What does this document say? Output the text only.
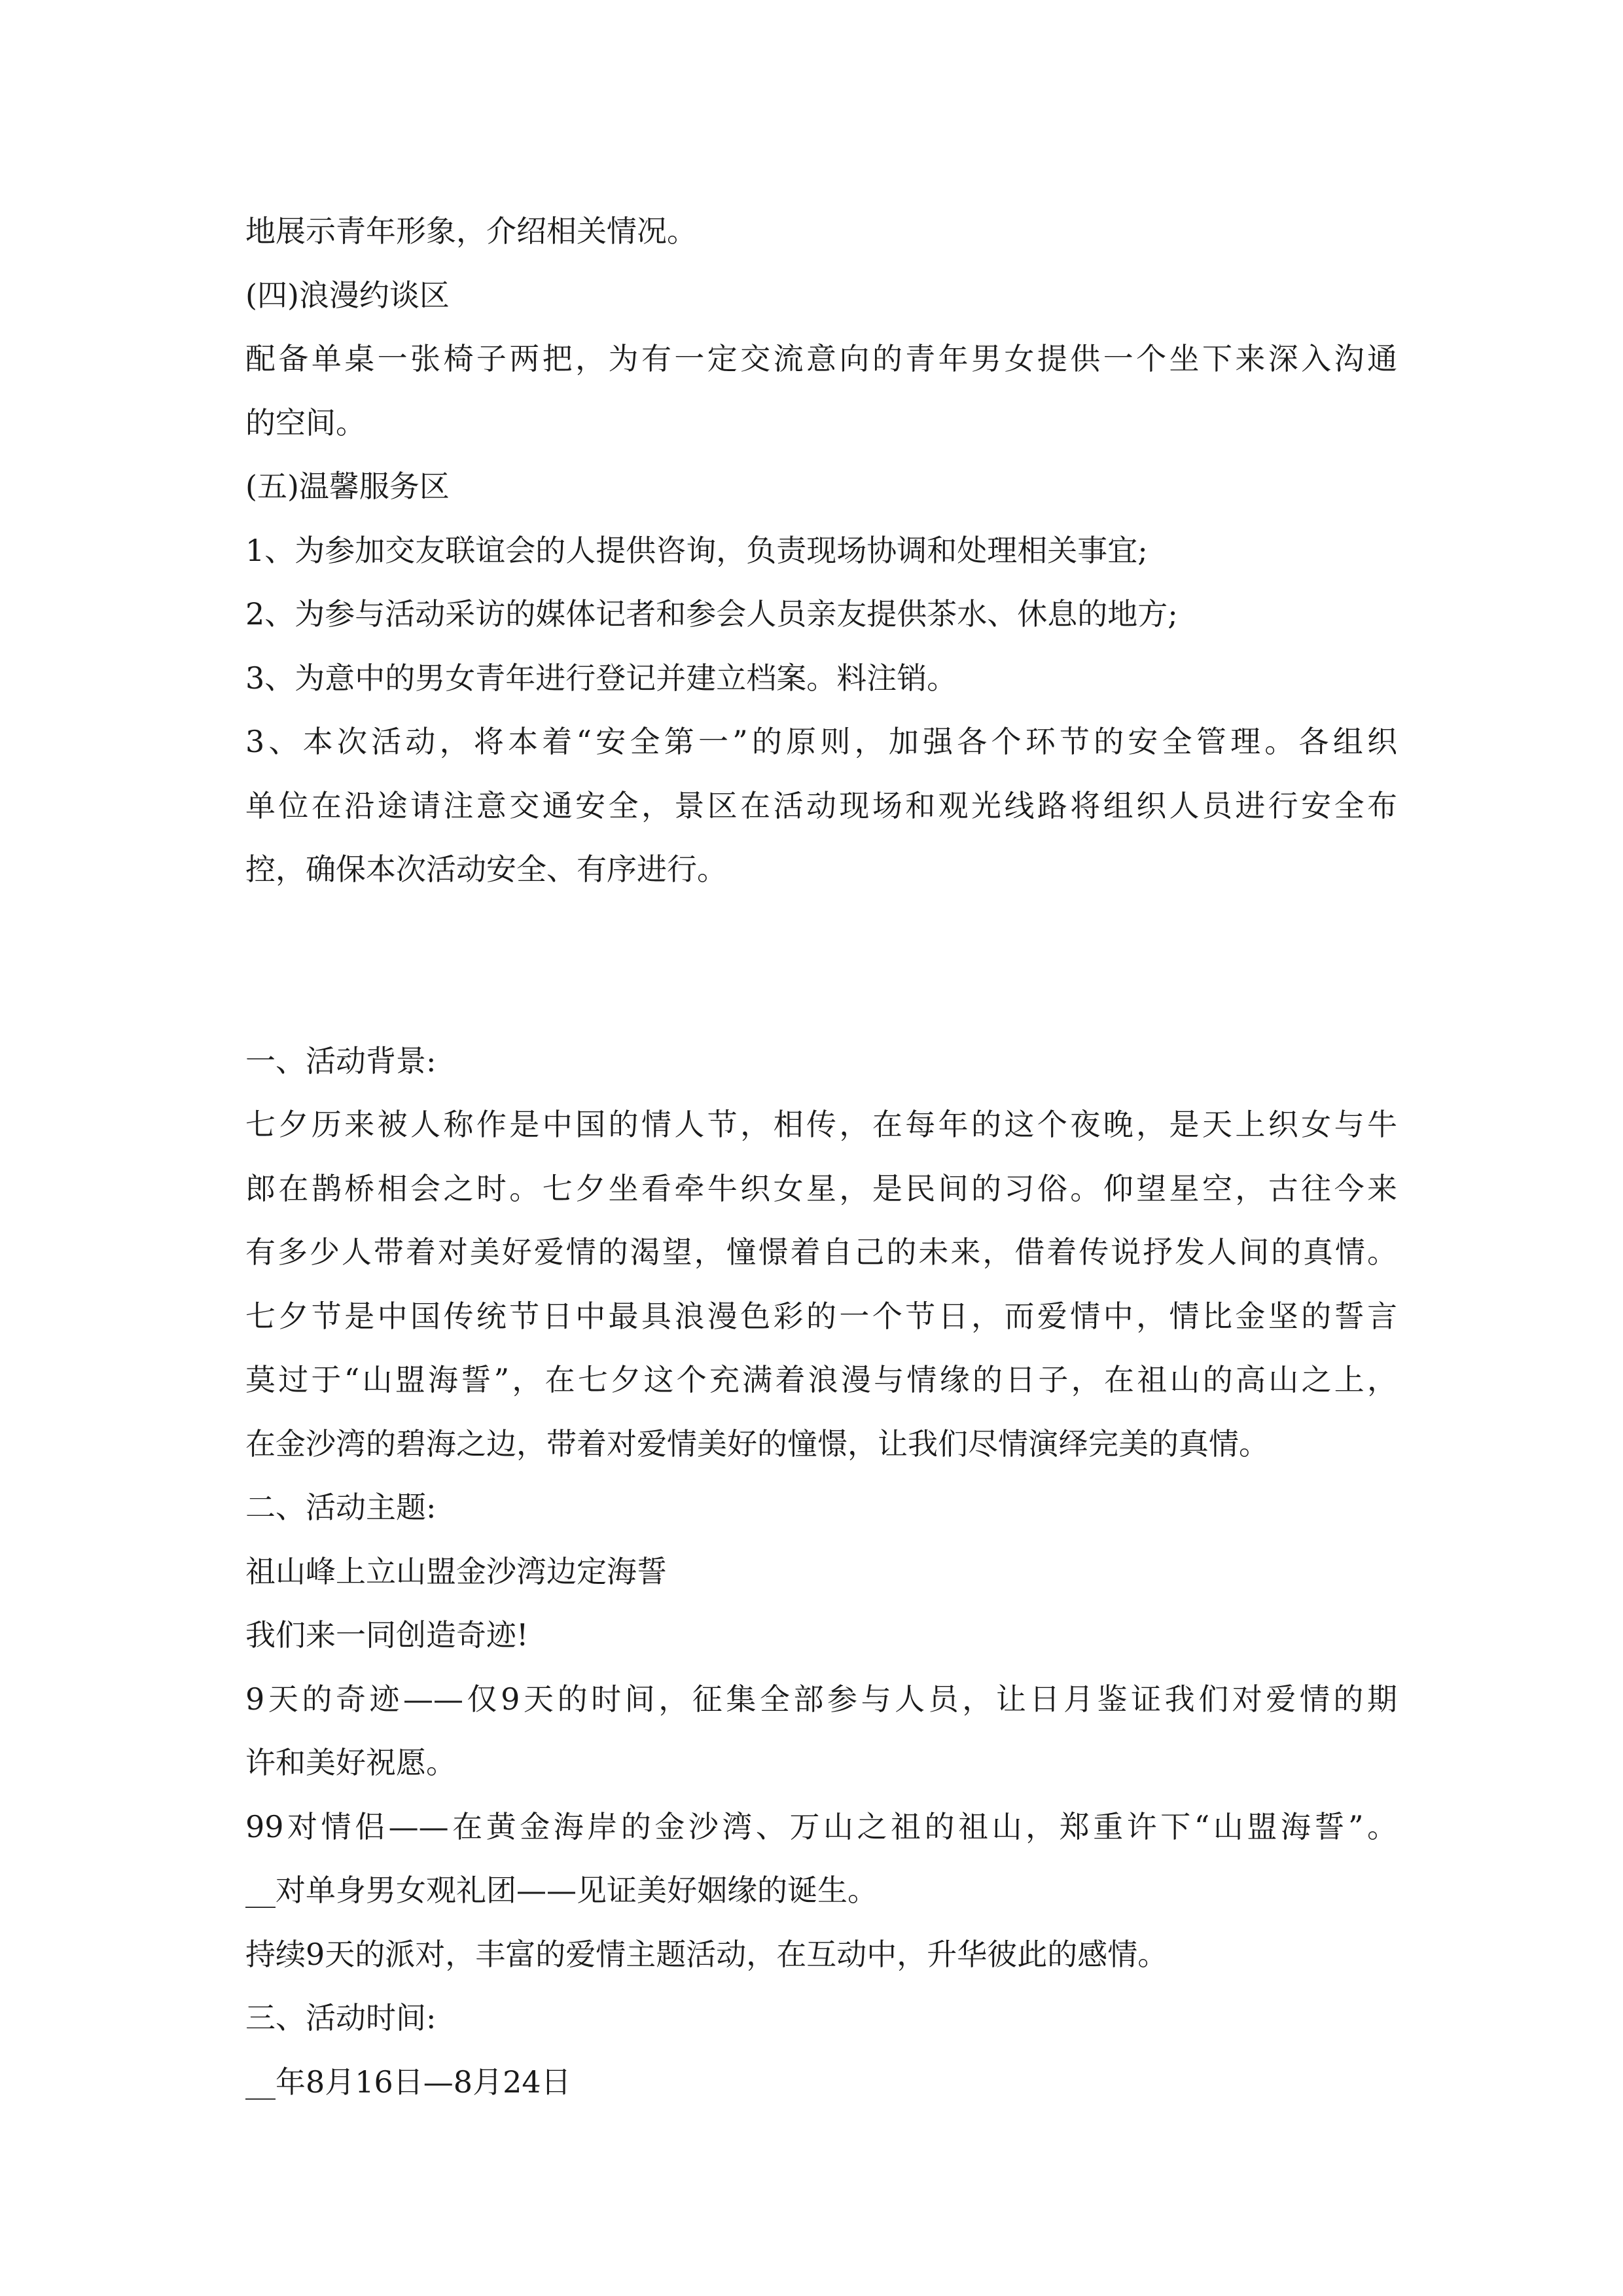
地展示青年形象，介绍相关情况。
(四)浪漫约谈区
配备单桌一张椅子两把，为有一定交流意向的青年男女提供一个坐下来深入沟通
的空间。
(五)温馨服务区
1、为参加交友联谊会的人提供咨询，负责现场协调和处理相关事宜;
2、为参与活动采访的媒体记者和参会人员亲友提供茶水、休息的地方;
3、为意中的男女青年进行登记并建立档案。料注销。
3、本次活动，将本着“安全第一”的原则，加强各个环节的安全管理。各组织
单位在沿途请注意交通安全，景区在活动现场和观光线路将组织人员进行安全布
控，确保本次活动安全、有序进行。
一、活动背景:
七夕历来被人称作是中国的情人节，相传，在每年的这个夜晚，是天上织女与牛
郎在鹊桥相会之时。七夕坐看牵牛织女星，是民间的习俗。仰望星空，古往今来
有多少人带着对美好爱情的渴望，憧憬着自己的未来，借着传说抒发人间的真情。
七夕节是中国传统节日中最具浪漫色彩的一个节日，而爱情中，情比金坚的誓言
莫过于“山盟海誓”，在七夕这个充满着浪漫与情缘的日子，在祖山的高山之上，
在金沙湾的碧海之边，带着对爱情美好的憧憬，让我们尽情演绎完美的真情。
二、活动主题:
祖山峰上立山盟金沙湾边定海誓
我们来一同创造奇迹!
9天的奇迹——仅9天的时间，征集全部参与人员，让日月鉴证我们对爱情的期
许和美好祝愿。
99对情侣——在黄金海岸的金沙湾、万山之祖的祖山，郑重许下“山盟海誓”。
__对单身男女观礼团——见证美好姻缘的诞生。
持续9天的派对，丰富的爱情主题活动，在互动中，升华彼此的感情。
三、活动时间:
__年8月16日—8月24日
